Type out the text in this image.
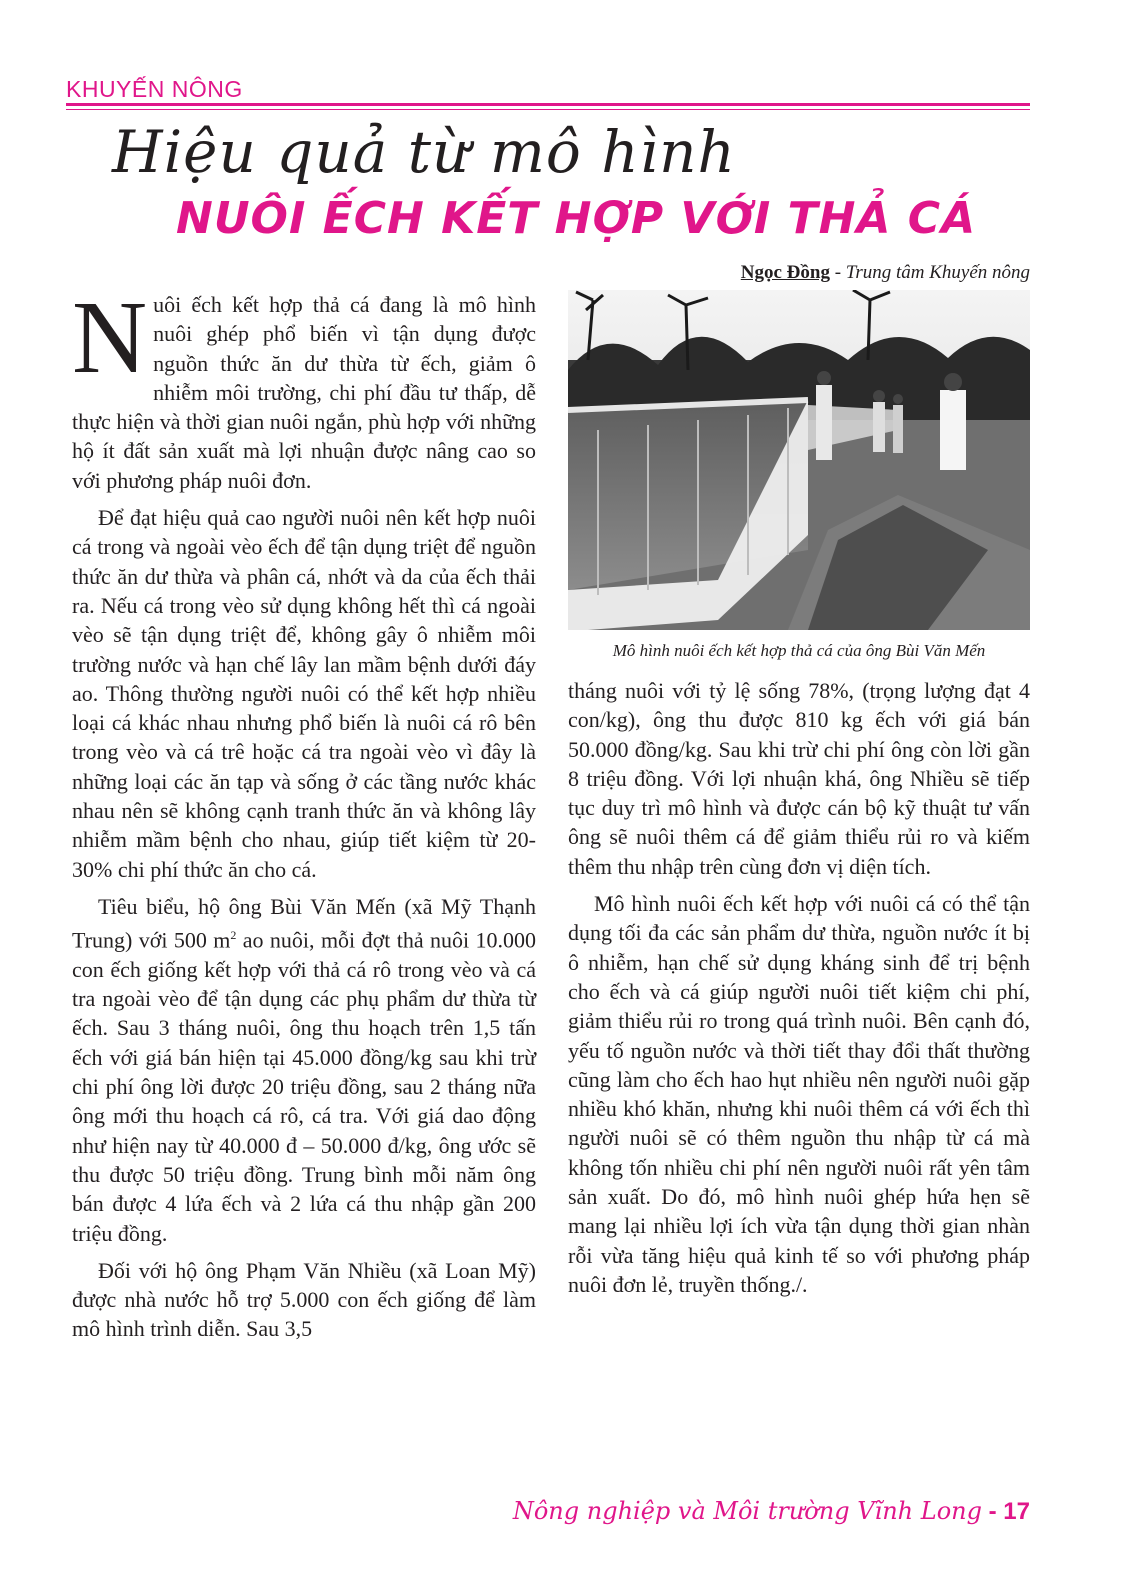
KHUYẾN NÔNG
Hiệu quả từ mô hình
NUÔI ẾCH KẾT HỢP VỚI THẢ CÁ
Ngọc Đồng - Trung tâm Khuyến nông

Nuôi ếch kết hợp thả cá đang là mô hình nuôi ghép phổ biến vì tận dụng được nguồn thức ăn dư thừa từ ếch, giảm ô nhiễm môi trường, chi phí đầu tư thấp, dễ thực hiện và thời gian nuôi ngắn, phù hợp với những hộ ít đất sản xuất mà lợi nhuận được nâng cao so với phương pháp nuôi đơn.

Để đạt hiệu quả cao người nuôi nên kết hợp nuôi cá trong và ngoài vèo ếch để tận dụng triệt để nguồn thức ăn dư thừa và phân cá, nhớt và da của ếch thải ra. Nếu cá trong vèo sử dụng không hết thì cá ngoài vèo sẽ tận dụng triệt để, không gây ô nhiễm môi trường nước và hạn chế lây lan mầm bệnh dưới đáy ao. Thông thường người nuôi có thể kết hợp nhiều loại cá khác nhau nhưng phổ biến là nuôi cá rô bên trong vèo và cá trê hoặc cá tra ngoài vèo vì đây là những loại các ăn tạp và sống ở các tầng nước khác nhau nên sẽ không cạnh tranh thức ăn và không lây nhiễm mầm bệnh cho nhau, giúp tiết kiệm từ 20-30% chi phí thức ăn cho cá.

Tiêu biểu, hộ ông Bùi Văn Mến (xã Mỹ Thạnh Trung) với 500 $m^2$ ao nuôi, mỗi đợt thả nuôi 10.000 con ếch giống kết hợp với thả cá rô trong vèo và cá tra ngoài vèo để tận dụng các phụ phẩm dư thừa từ ếch. Sau 3 tháng nuôi, ông thu hoạch trên 1,5 tấn ếch với giá bán hiện tại 45.000 đồng/kg sau khi trừ chi phí ông lời được 20 triệu đồng, sau 2 tháng nữa ông mới thu hoạch cá rô, cá tra. Với giá dao động như hiện nay từ 40.000 đ – 50.000 đ/kg, ông ước sẽ thu được 50 triệu đồng. Trung bình mỗi năm ông bán được 4 lứa ếch và 2 lứa cá thu nhập gần 200 triệu đồng.

Đối với hộ ông Phạm Văn Nhiều (xã Loan Mỹ) được nhà nước hỗ trợ 5.000 con ếch giống để làm mô hình trình diễn. Sau 3,5

Mô hình nuôi ếch kết hợp thả cá của ông Bùi Văn Mến

tháng nuôi với tỷ lệ sống 78%, (trọng lượng đạt 4 con/kg), ông thu được 810 kg ếch với giá bán 50.000 đồng/kg. Sau khi trừ chi phí ông còn lời gần 8 triệu đồng. Với lợi nhuận khá, ông Nhiều sẽ tiếp tục duy trì mô hình và được cán bộ kỹ thuật tư vấn ông sẽ nuôi thêm cá để giảm thiểu rủi ro và kiếm thêm thu nhập trên cùng đơn vị diện tích.

Mô hình nuôi ếch kết hợp với nuôi cá có thể tận dụng tối đa các sản phẩm dư thừa, nguồn nước ít bị ô nhiễm, hạn chế sử dụng kháng sinh để trị bệnh cho ếch và cá giúp người nuôi tiết kiệm chi phí, giảm thiểu rủi ro trong quá trình nuôi. Bên cạnh đó, yếu tố nguồn nước và thời tiết thay đổi thất thường cũng làm cho ếch hao hụt nhiều nên người nuôi gặp nhiều khó khăn, nhưng khi nuôi thêm cá với ếch thì người nuôi sẽ có thêm nguồn thu nhập từ cá mà không tốn nhiều chi phí nên người nuôi rất yên tâm sản xuất. Do đó, mô hình nuôi ghép hứa hẹn sẽ mang lại nhiều lợi ích vừa tận dụng thời gian nhàn rỗi vừa tăng hiệu quả kinh tế so với phương pháp nuôi đơn lẻ, truyền thống./.

Nông nghiệp và Môi trường Vĩnh Long - 17
